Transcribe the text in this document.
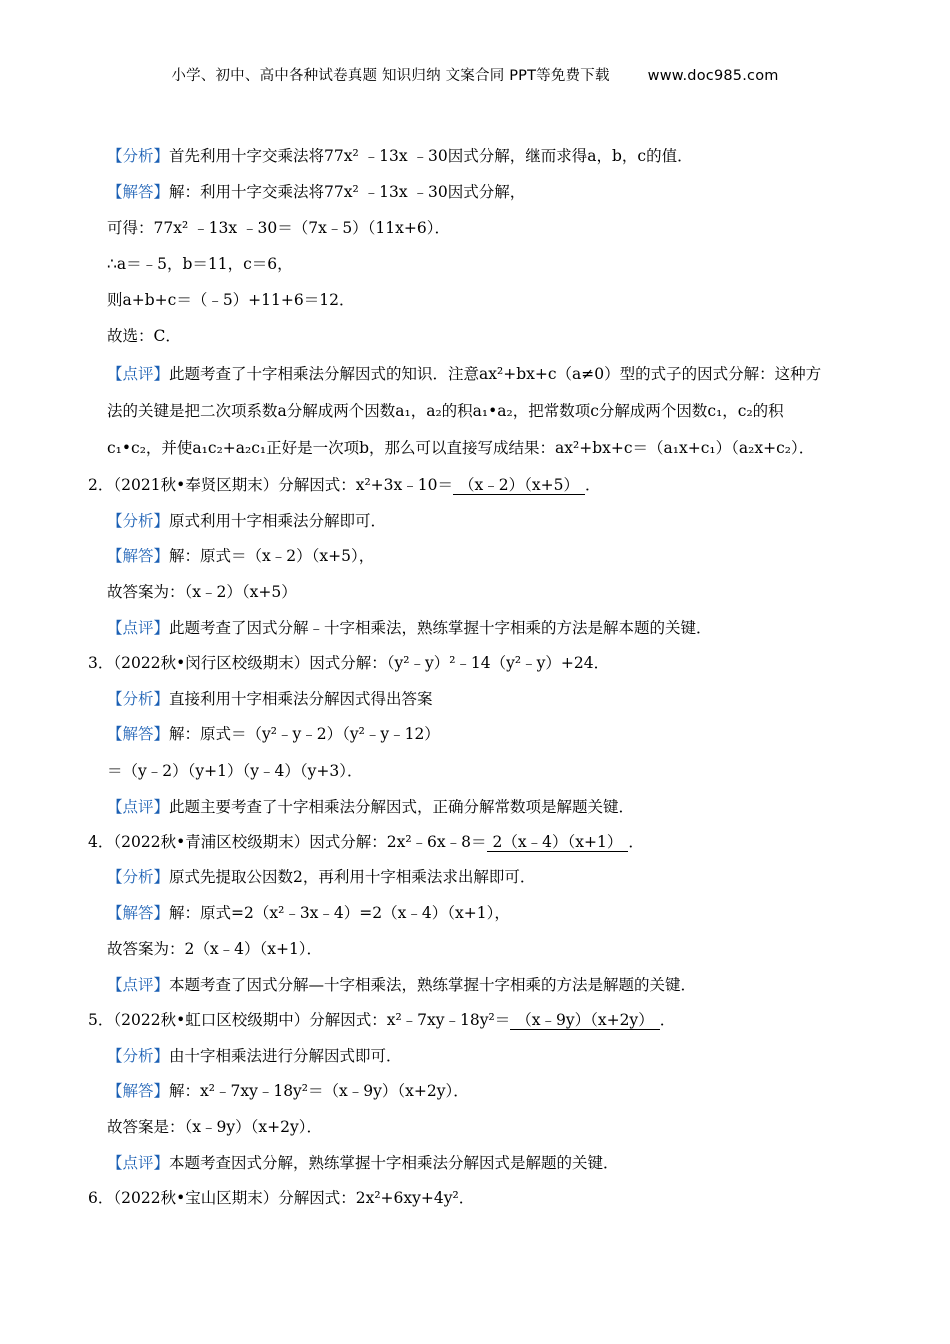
小学、初中、高中各种试卷真题 知识归纳 文案合同 PPT等免费下载	www.doc985.com
【分析】首先利用十字交乘法将77x² ﹣13x ﹣30因式分解，继而求得a，b，c的值．
【解答】解：利用十字交乘法将77x² ﹣13x ﹣30因式分解，
可得：77x² ﹣13x ﹣30＝（7x﹣5）（11x+6）．
∴a＝﹣5，b＝11，c＝6，
则a+b+c＝（﹣5）+11+6＝12．
故选：C．
【点评】此题考查了十字相乘法分解因式的知识．注意ax²+bx+c（a≠0）型的式子的因式分解：这种方
法的关键是把二次项系数a分解成两个因数a₁，a₂的积a₁•a₂，把常数项c分解成两个因数c₁，c₂的积
c₁•c₂，并使a₁c₂+a₂c₁正好是一次项b，那么可以直接写成结果：ax²+bx+c＝（a₁x+c₁）（a₂x+c₂）．
2．（2021秋•奉贤区期末）分解因式：x²+3x﹣10＝ （x﹣2）（x+5） ．
【分析】原式利用十字相乘法分解即可．
【解答】解：原式＝（x﹣2）（x+5），
故答案为：（x﹣2）（x+5）
【点评】此题考查了因式分解﹣十字相乘法，熟练掌握十字相乘的方法是解本题的关键．
3．（2022秋•闵行区校级期末）因式分解：（y²﹣y）²﹣14（y²﹣y）+24．
【分析】直接利用十字相乘法分解因式得出答案
【解答】解：原式＝（y²﹣y﹣2）（y²﹣y﹣12）
＝（y﹣2）（y+1）（y﹣4）（y+3）．
【点评】此题主要考查了十字相乘法分解因式，正确分解常数项是解题关键．
4．（2022秋•青浦区校级期末）因式分解：2x²﹣6x﹣8＝ 2（x﹣4）（x+1） ．
【分析】原式先提取公因数2，再利用十字相乘法求出解即可．
【解答】解：原式=2（x²﹣3x﹣4）=2（x﹣4）（x+1），
故答案为：2（x﹣4）（x+1）．
【点评】本题考查了因式分解—十字相乘法，熟练掌握十字相乘的方法是解题的关键．
5．（2022秋•虹口区校级期中）分解因式：x²﹣7xy﹣18y²＝ （x﹣9y）（x+2y） ．
【分析】由十字相乘法进行分解因式即可．
【解答】解：x²﹣7xy﹣18y²＝（x﹣9y）（x+2y）．
故答案是：（x﹣9y）（x+2y）．
【点评】本题考查因式分解，熟练掌握十字相乘法分解因式是解题的关键．
6．（2022秋•宝山区期末）分解因式：2x²+6xy+4y²．
